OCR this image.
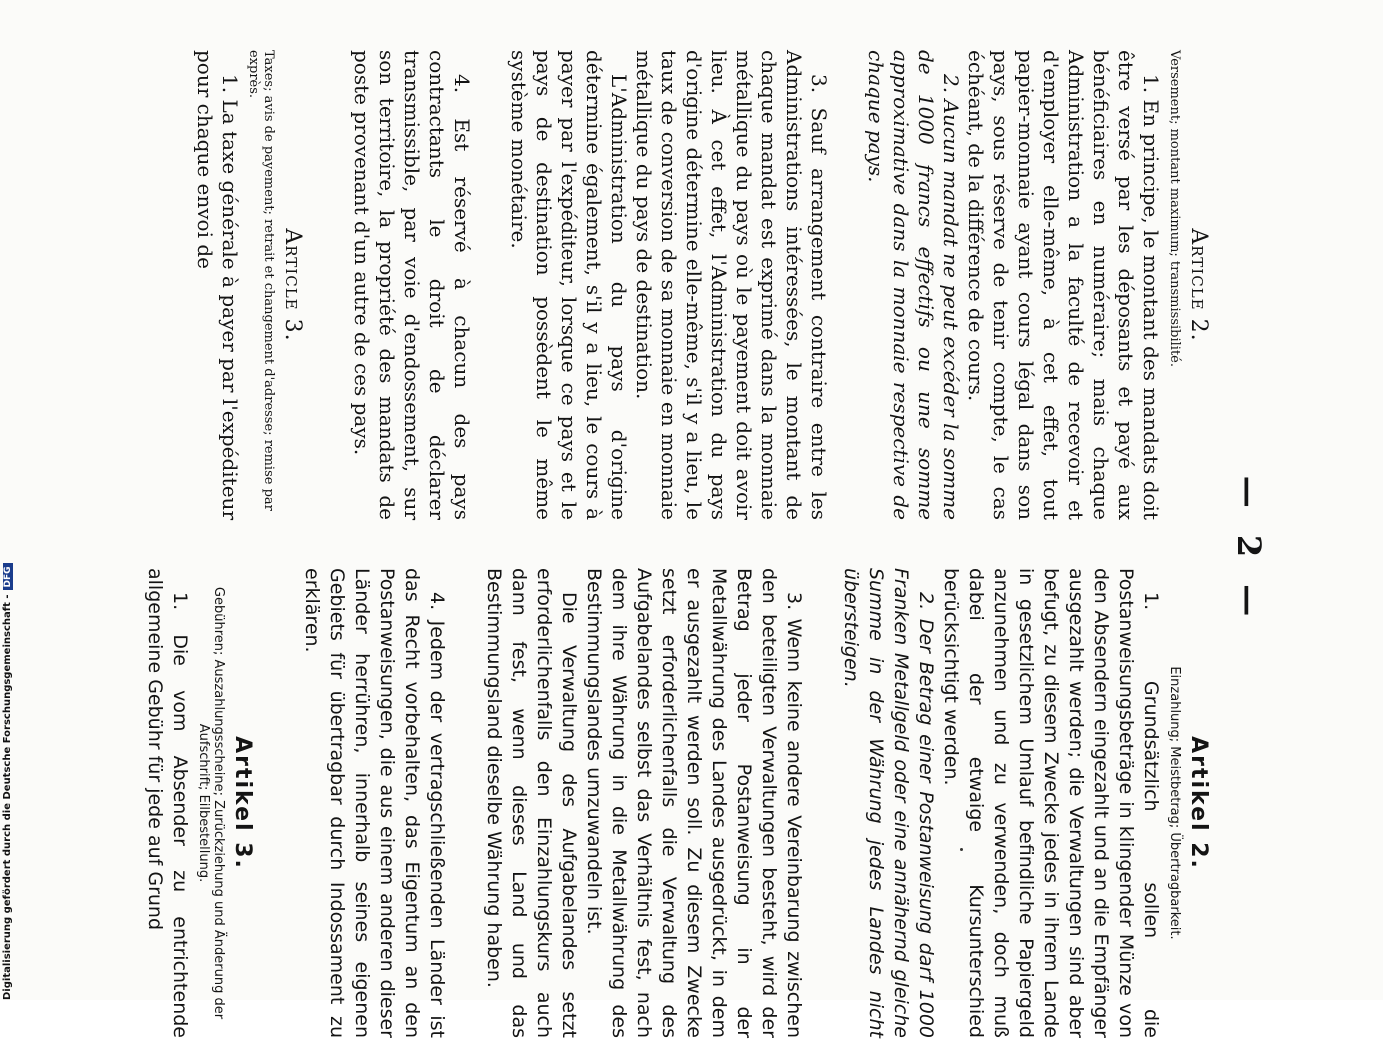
— 2 —
Article 2.
Versement; montant maximum; transmissibilité.

1. En principe, le montant des mandats doit être versé par les déposants et payé aux bénéficiaires en numéraire; mais chaque Administration a la faculté de recevoir et d'employer elle-même, à cet effet, tout papier-monnaie ayant cours légal dans son pays, sous réserve de tenir compte, le cas échéant, de la différence de cours.

2. Aucun mandat ne peut excéder la somme de 1000 francs effectifs ou une somme approximative dans la monnaie respective de chaque pays.

3. Sauf arrangement contraire entre les Administrations intéressées, le montant de chaque mandat est exprimé dans la monnaie métallique du pays où le payement doit avoir lieu. À cet effet, l'Administration du pays d'origine détermine elle-même, s'il y a lieu, le taux de conversion de sa monnaie en monnaie métallique du pays de destination.

L'Administration du pays d'origine détermine également, s'il y a lieu, le cours à payer par l'expéditeur, lorsque ce pays et le pays de destination possèdent le même système monétaire.

4. Est réservé à chacun des pays contractants le droit de déclarer transmissible, par voie d'endossement, sur son territoire, la propriété des mandats de poste provenant d'un autre de ces pays.

Article 3.
Taxes; avis de payement; retrait et changement d'adresse; remise par exprès.

1. La taxe générale à payer par l'expéditeur pour chaque envoi de

Artikel 2.
Einzahlung; Meistbetrag; Übertragbarkeit.

1. Grundsätzlich sollen die Postanweisungsbeträge in klingender Münze von den Absendern eingezahlt und an die Empfänger ausgezahlt werden; die Verwaltungen sind aber befugt, zu diesem Zwecke jedes in ihrem Lande in gesetzlichem Umlauf befindliche Papiergeld anzunehmen und zu verwenden, doch muß dabei der etwaige Kursunterschied berücksichtigt werden.

2. Der Betrag einer Postanweisung darf 1000 Franken Metallgeld oder eine annähernd gleiche Summe in der Währung jedes Landes nicht übersteigen.

3. Wenn keine andere Vereinbarung zwischen den beteiligten Verwaltungen besteht, wird der Betrag jeder Postanweisung in der Metallwährung des Landes ausgedrückt, in dem er ausgezahlt werden soll. Zu diesem Zwecke setzt erforderlichenfalls die Verwaltung des Aufgabelandes selbst das Verhältnis fest, nach dem ihre Währung in die Metallwährung des Bestimmungslandes umzuwandeln ist.

Die Verwaltung des Aufgabelandes setzt erforderlichenfalls den Einzahlungskurs auch dann fest, wenn dieses Land und das Bestimmungsland dieselbe Währung haben.

4. Jedem der vertragschließenden Länder ist das Recht vorbehalten, das Eigentum an den Postanweisungen, die aus einem anderen dieser Länder herrühren, innerhalb seines eigenen Gebiets für übertragbar durch Indossament zu erklären.

Artikel 3.
Gebühren; Auszahlungsscheine; Zurückziehung und Änderung der Aufschrift; Eilbestellung.

1. Die vom Absender zu entrichtende allgemeine Gebühr für jede auf Grund

Digitalisierung gefördert durch die Deutsche Forschungsgemeinschaft -DFG
